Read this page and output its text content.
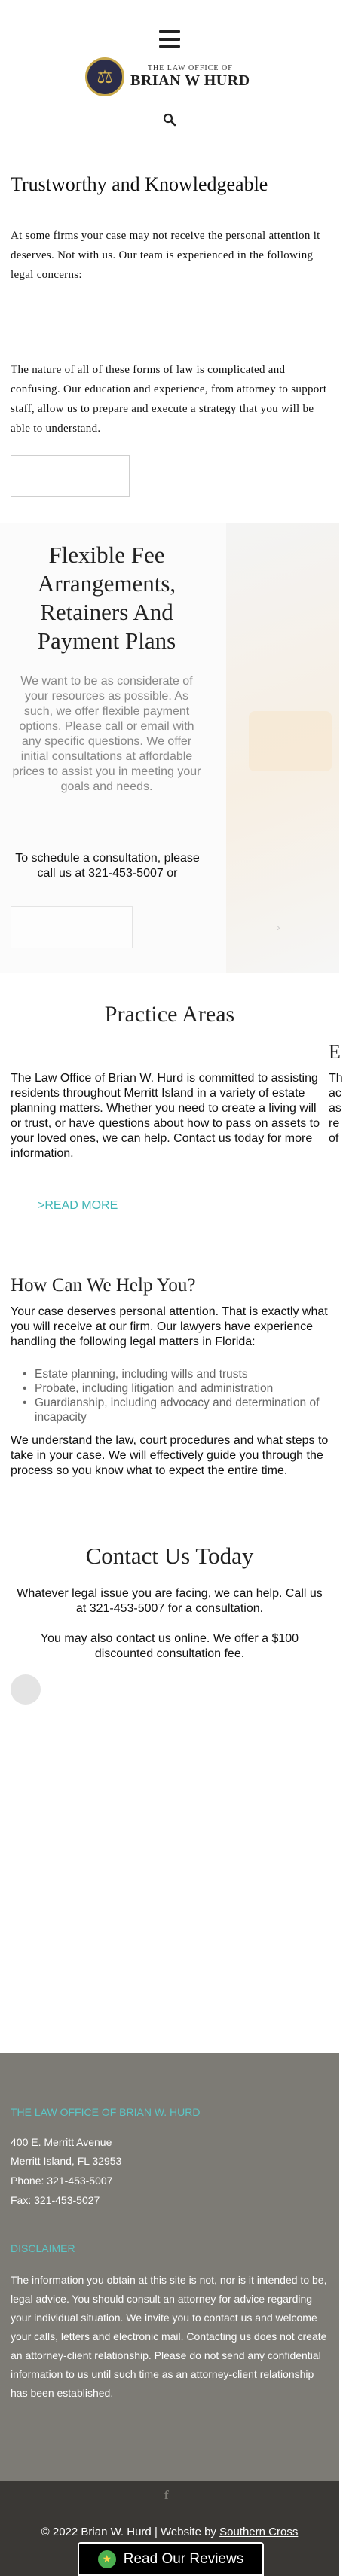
⚖	THE LAW OFFICE OF
BRIAN W HURD
Trustworthy and Knowledgeable

At some firms your case may not receive the personal attention it deserves. Not with us. Our team is experienced in the following legal concerns:

The nature of all of these forms of law is complicated and confusing. Our education and experience, from attorney to support staff, allow us to prepare and execute a strategy that you will be able to understand.

Flexible Fee Arrangements, Retainers And Payment Plans

We want to be as considerate of your resources as possible. As such, we offer flexible payment options. Please call or email with any specific questions. We offer initial consultations at affordable prices to assist you in meeting your goals and needs.

To schedule a consultation, please call us at 321-453-5007 or

›
Practice Areas
E

The Law Office of Brian W. Hurd is committed to assisting residents throughout Merritt Island in a variety of estate planning matters. Whether you need to create a living will or trust, or have questions about how to pass on assets to your loved ones, we can help. Contact us today for more information.

Th ac as re of

>READ MORE
How Can We Help You?

Your case deserves personal attention. That is exactly what you will receive at our firm. Our lawyers have experience handling the following legal matters in Florida:

• Estate planning, including wills and trusts
• Probate, including litigation and administration
• Guardianship, including advocacy and determination of incapacity

We understand the law, court procedures and what steps to take in your case. We will effectively guide you through the process so you know what to expect the entire time.

Contact Us Today

Whatever legal issue you are facing, we can help. Call us at 321-453-5007 for a consultation.

You may also contact us online. We offer a $100 discounted consultation fee.

THE LAW OFFICE OF BRIAN W. HURD
400 E. Merritt Avenue
Merritt Island, FL 32953
Phone: 321-453-5007
Fax: 321-453-5027
DISCLAIMER

The information you obtain at this site is not, nor is it intended to be, legal advice. You should consult an attorney for advice regarding your individual situation. We invite you to contact us and welcome your calls, letters and electronic mail. Contacting us does not create an attorney-client relationship. Please do not send any confidential information to us until such time as an attorney-client relationship has been established.

f
© 2022 Brian W. Hurd | Website by Southern Cross
★ Read Our Reviews
